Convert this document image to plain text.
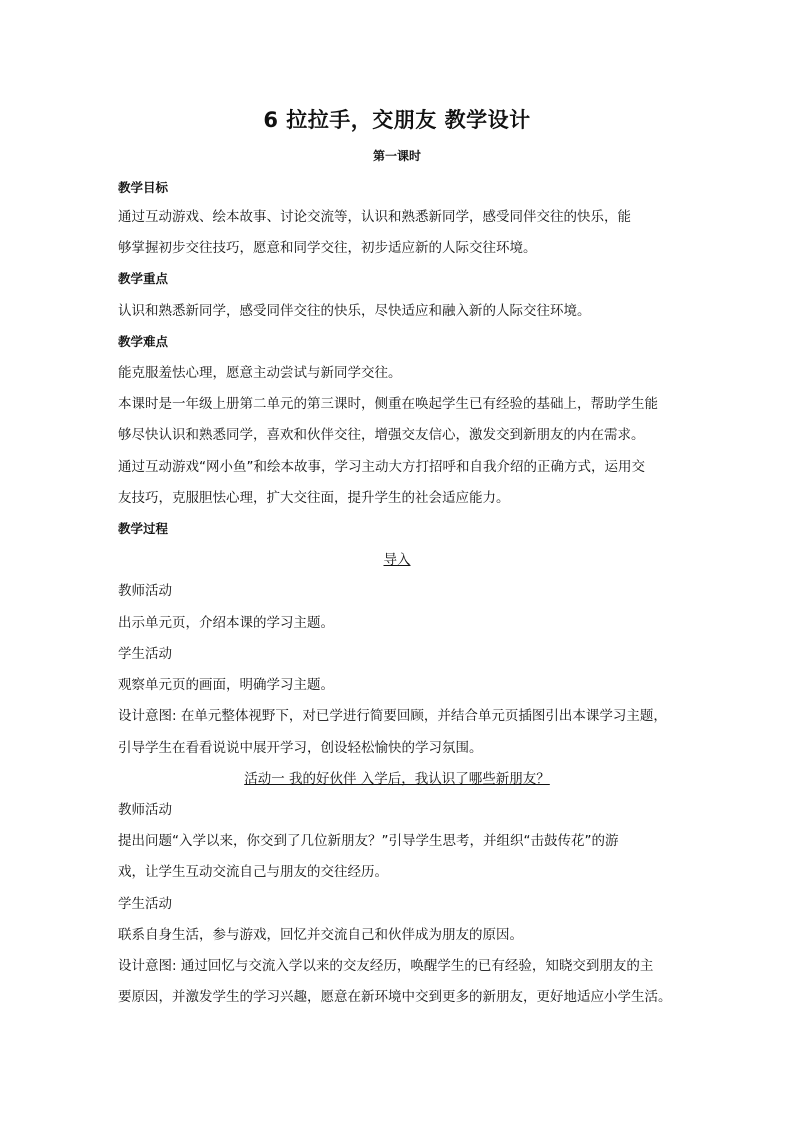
6 拉拉手，交朋友 教学设计
第一课时
教学目标
通过互动游戏、绘本故事、讨论交流等，认识和熟悉新同学，感受同伴交往的快乐，能
够掌握初步交往技巧，愿意和同学交往，初步适应新的人际交往环境。
教学重点
认识和熟悉新同学，感受同伴交往的快乐，尽快适应和融入新的人际交往环境。
教学难点
能克服羞怯心理，愿意主动尝试与新同学交往。
本课时是一年级上册第二单元的第三课时，侧重在唤起学生已有经验的基础上，帮助学生能
够尽快认识和熟悉同学，喜欢和伙伴交往，增强交友信心，激发交到新朋友的内在需求。
通过互动游戏“网小鱼”和绘本故事，学习主动大方打招呼和自我介绍的正确方式，运用交
友技巧，克服胆怯心理，扩大交往面，提升学生的社会适应能力。
教学过程
导入
教师活动
出示单元页，介绍本课的学习主题。
学生活动
观察单元页的画面，明确学习主题。
设计意图: 在单元整体视野下，对已学进行简要回顾，并结合单元页插图引出本课学习主题，
引导学生在看看说说中展开学习，创设轻松愉快的学习氛围。
活动一 我的好伙伴 入学后，我认识了哪些新朋友？
教师活动
提出问题“入学以来，你交到了几位新朋友？”引导学生思考，并组织“击鼓传花”的游
戏，让学生互动交流自己与朋友的交往经历。
学生活动
联系自身生活，参与游戏，回忆并交流自己和伙伴成为朋友的原因。
设计意图: 通过回忆与交流入学以来的交友经历，唤醒学生的已有经验，知晓交到朋友的主
要原因，并激发学生的学习兴趣，愿意在新环境中交到更多的新朋友，更好地适应小学生活。
